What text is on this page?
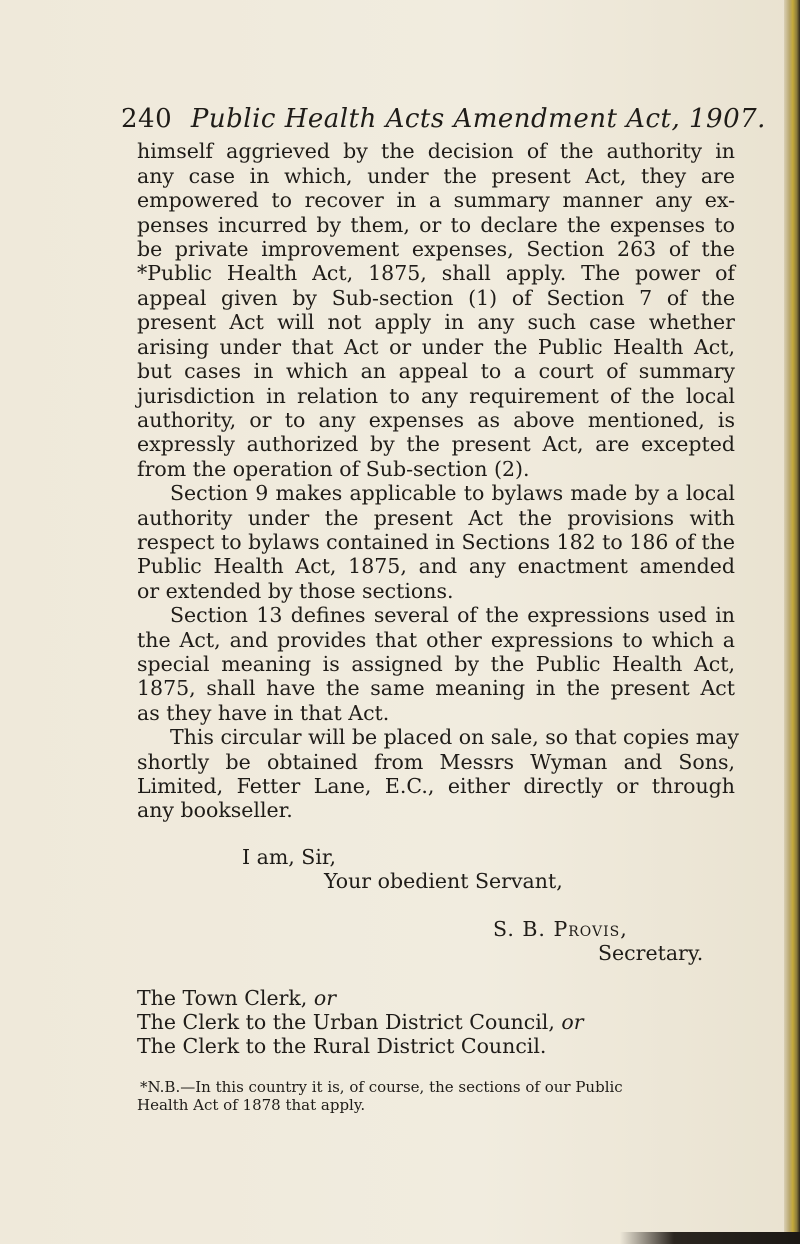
240 Public Health Acts Amendment Act, 1907.
himself aggrieved by the decision of the authority in
any case in which, under the present Act, they are
empowered to recover in a summary manner any ex-
penses incurred by them, or to declare the expenses to
be private improvement expenses, Section 263 of the
*Public Health Act, 1875, shall apply. The power of
appeal given by Sub-section (1) of Section 7 of the
present Act will not apply in any such case whether
arising under that Act or under the Public Health Act,
but cases in which an appeal to a court of summary
jurisdiction in relation to any requirement of the local
authority, or to any expenses as above mentioned, is
expressly authorized by the present Act, are excepted
from the operation of Sub-section (2).
Section 9 makes applicable to bylaws made by a local
authority under the present Act the provisions with
respect to bylaws contained in Sections 182 to 186 of the
Public Health Act, 1875, and any enactment amended
or extended by those sections.
Section 13 defines several of the expressions used in
the Act, and provides that other expressions to which a
special meaning is assigned by the Public Health Act,
1875, shall have the same meaning in the present Act
as they have in that Act.
This circular will be placed on sale, so that copies may
shortly be obtained from Messrs Wyman and Sons,
Limited, Fetter Lane, E.C., either directly or through
any bookseller.
I am, Sir,
Your obedient Servant,
S. B. Provis,
Secretary.
The Town Clerk, or
The Clerk to the Urban District Council, or
The Clerk to the Rural District Council.
*N.B.—In this country it is, of course, the sections of our Public
Health Act of 1878 that apply.
